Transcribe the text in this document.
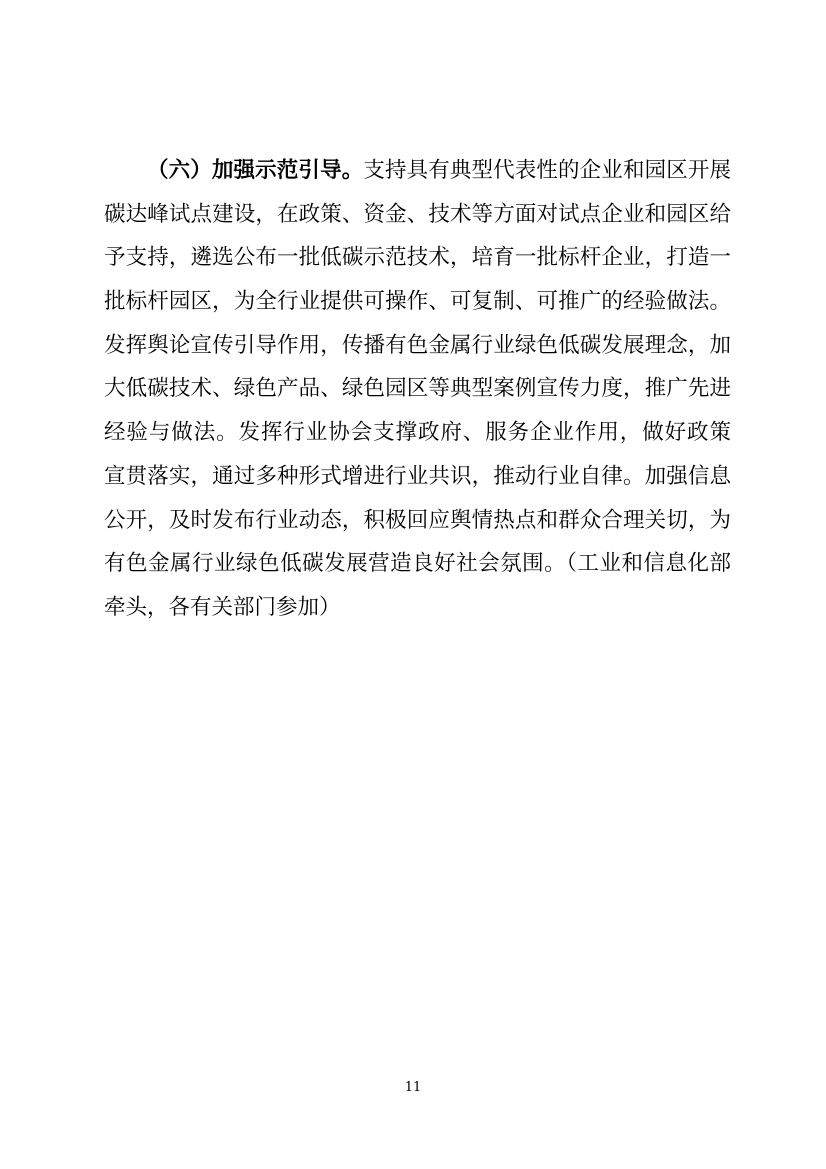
（六）加强示范引导。支持具有典型代表性的企业和园区开展
碳达峰试点建设，在政策、资金、技术等方面对试点企业和园区给
予支持，遴选公布一批低碳示范技术，培育一批标杆企业，打造一
批标杆园区，为全行业提供可操作、可复制、可推广的经验做法。
发挥舆论宣传引导作用，传播有色金属行业绿色低碳发展理念，加
大低碳技术、绿色产品、绿色园区等典型案例宣传力度，推广先进
经验与做法。发挥行业协会支撑政府、服务企业作用，做好政策
宣贯落实，通过多种形式增进行业共识，推动行业自律。加强信息
公开，及时发布行业动态，积极回应舆情热点和群众合理关切，为
有色金属行业绿色低碳发展营造良好社会氛围。（工业和信息化部
牵头，各有关部门参加）
11
